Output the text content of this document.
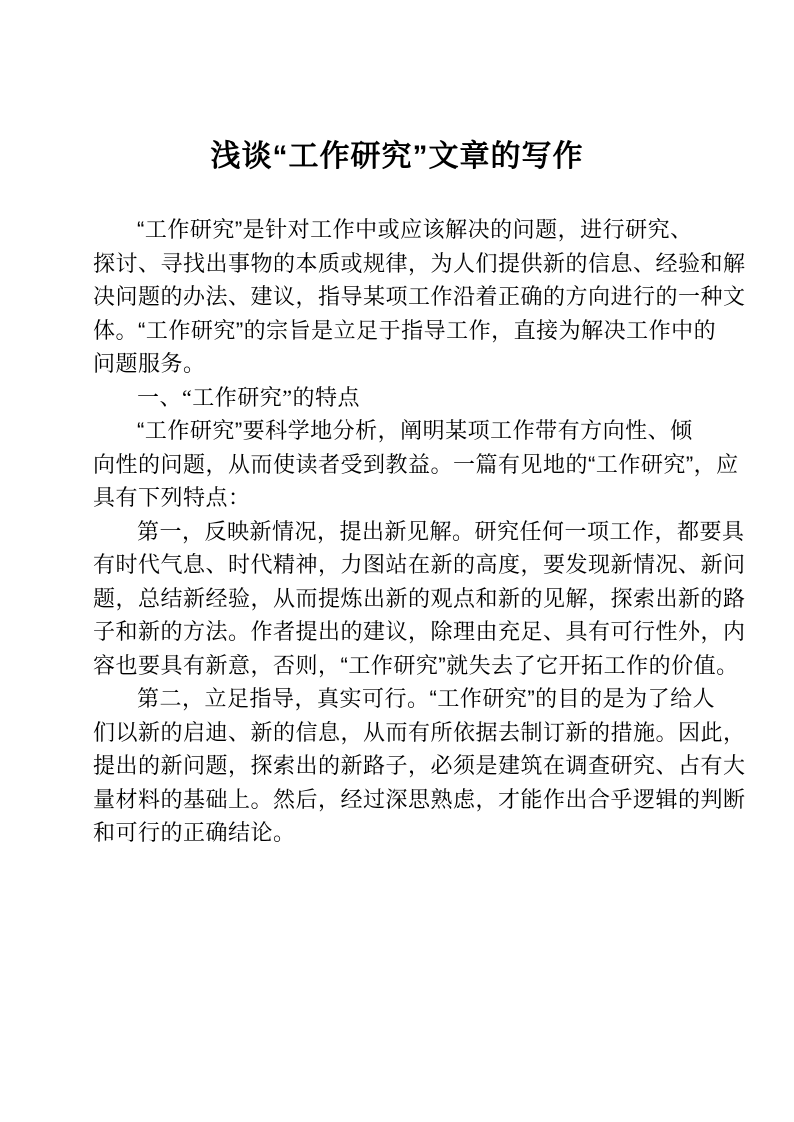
浅谈“工作研究”文章的写作
“工作研究”是针对工作中或应该解决的问题，进行研究、
探讨、寻找出事物的本质或规律，为人们提供新的信息、经验和解
决问题的办法、建议，指导某项工作沿着正确的方向进行的一种文
体。“工作研究”的宗旨是立足于指导工作，直接为解决工作中的
问题服务。
一、“工作研究”的特点
“工作研究”要科学地分析，阐明某项工作带有方向性、倾
向性的问题，从而使读者受到教益。一篇有见地的“工作研究”，应
具有下列特点：
第一，反映新情况，提出新见解。研究任何一项工作，都要具
有时代气息、时代精神，力图站在新的高度，要发现新情况、新问
题，总结新经验，从而提炼出新的观点和新的见解，探索出新的路
子和新的方法。作者提出的建议，除理由充足、具有可行性外，内
容也要具有新意，否则，“工作研究”就失去了它开拓工作的价值。
第二，立足指导，真实可行。“工作研究”的目的是为了给人
们以新的启迪、新的信息，从而有所依据去制订新的措施。因此，
提出的新问题，探索出的新路子，必须是建筑在调查研究、占有大
量材料的基础上。然后，经过深思熟虑，才能作出合乎逻辑的判断
和可行的正确结论。
